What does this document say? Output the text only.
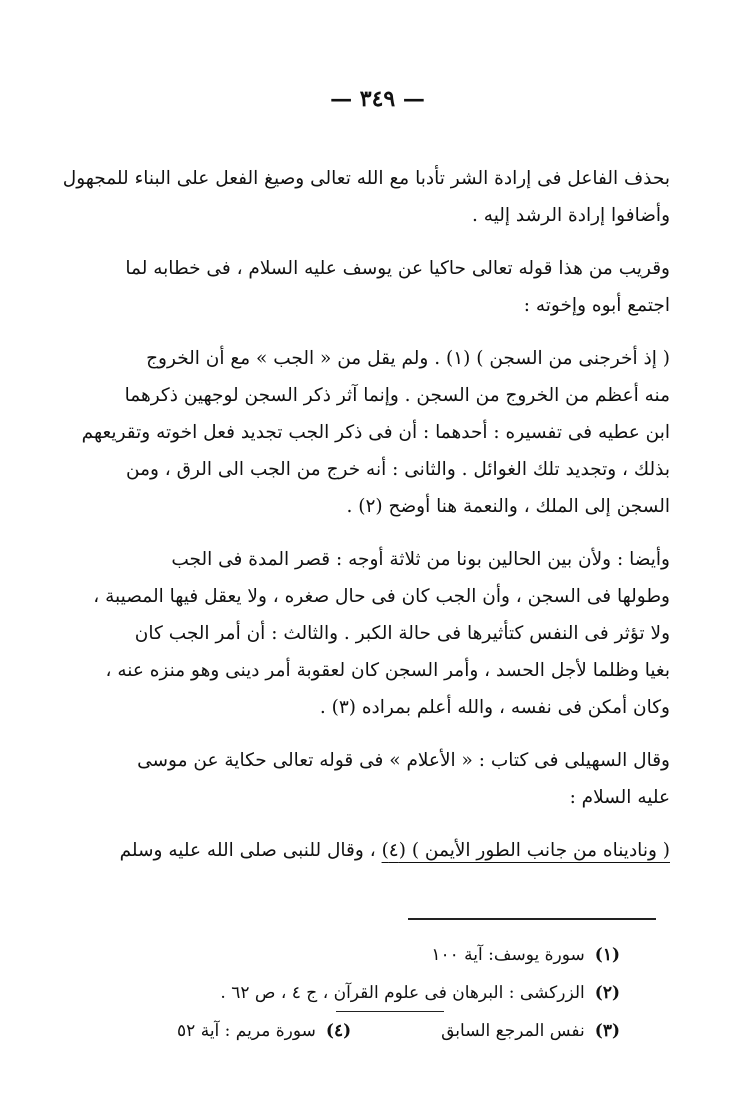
— ٣٤٩ —

بحذف الفاعل فى إرادة الشر تأدبا مع الله تعالى وصيغ الفعل على البناء للمجهول
وأضافوا إرادة الرشد إليه .

وقريب من هذا قوله تعالى حاكيا عن يوسف عليه السلام ، فى خطابه لما
اجتمع أبوه وإخوته :

( إذ أخرجنى من السجن ) (١) . ولم يقل من « الجب » مع أن الخروج
منه أعظم من الخروج من السجن . وإنما آثر ذكر السجن لوجهين ذكرهما
ابن عطيه فى تفسيره : أحدهما : أن فى ذكر الجب تجديد فعل اخوته وتقريعهم
بذلك ، وتجديد تلك الغوائل . والثانى : أنه خرج من الجب الى الرق ، ومن
السجن إلى الملك ، والنعمة هنا أوضح (٢) .

وأيضا : ولأن بين الحالين بونا من ثلاثة أوجه : قصر المدة فى الجب
وطولها فى السجن ، وأن الجب كان فى حال صغره ، ولا يعقل فيها المصيبة ،
ولا تؤثر فى النفس كتأثيرها فى حالة الكبر . والثالث : أن أمر الجب كان
بغيا وظلما لأجل الحسد ، وأمر السجن كان لعقوبة أمر دينى وهو منزه عنه ،
وكان أمكن فى نفسه ، والله أعلم بمراده (٣) .

وقال السهيلى فى كتاب : « الأعلام » فى قوله تعالى حكاية عن موسى
عليه السلام :

( وناديناه من جانب الطور الأيمن ) (٤) ، وقال للنبى صلى الله عليه وسلم

(١)سورة يوسف: آية ١٠٠
(٢)الزركشى : البرهان فى علوم القرآن ، ج ٤ ، ص ٦٢ .
(٣)نفس المرجع السابق(٤)سورة مريم : آية ٥٢
